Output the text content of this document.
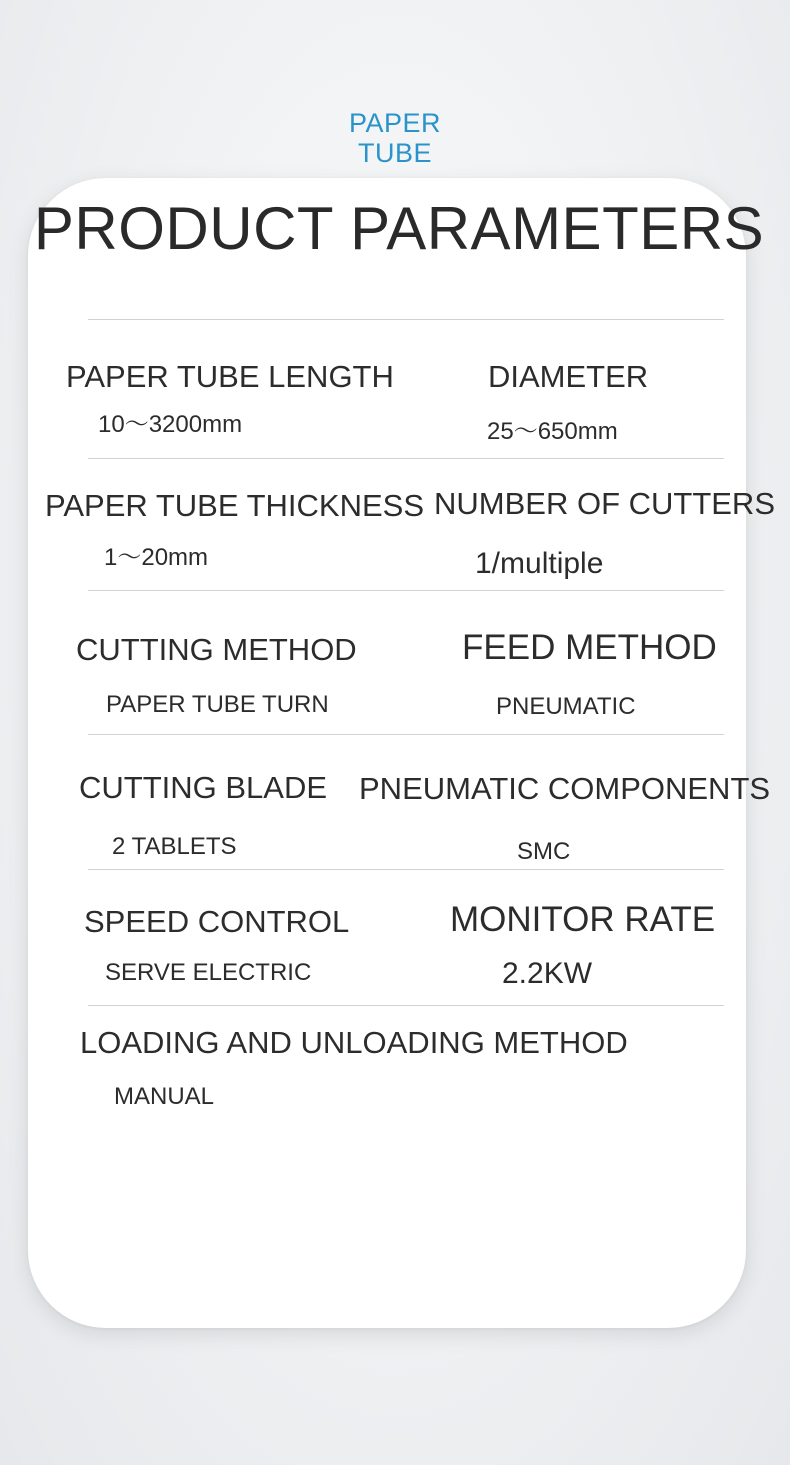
PAPER
TUBE
PRODUCT PARAMETERS
PAPER TUBE LENGTH
10～3200mm
DIAMETER
25～650mm
PAPER TUBE THICKNESS
1～20mm
NUMBER OF CUTTERS
1/multiple
CUTTING METHOD
PAPER TUBE TURN
FEED METHOD
PNEUMATIC
CUTTING BLADE
2 TABLETS
PNEUMATIC COMPONENTS
SMC
SPEED CONTROL
SERVE ELECTRIC
MONITOR RATE
2.2KW
LOADING AND UNLOADING METHOD
MANUAL
